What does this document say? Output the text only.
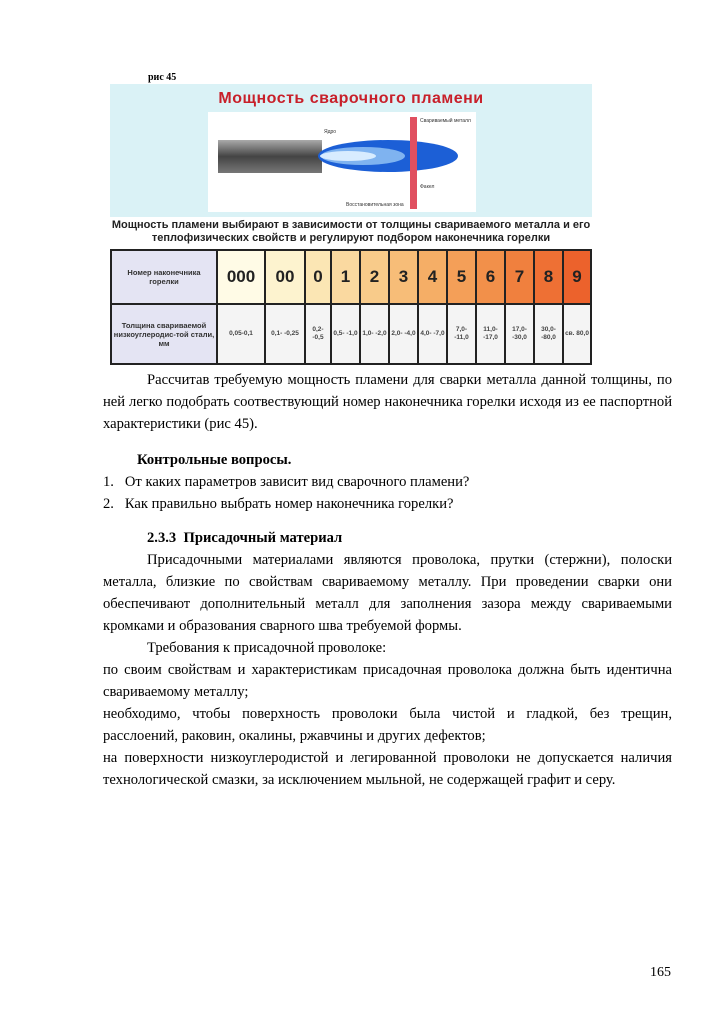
рис 45
Мощность сварочного пламени
Ядро
Свариваемый металл
Факел
Восстановительная зона
Мощность пламени выбирают в зависимости от толщины свариваемого металла и его теплофизических свойств и регулируют подбором наконечника горелки
Номер наконечника горелки	000	00	0	1	2	3	4	5	6	7	8	9
Толщина свариваемой низкоуглеродис-той стали, мм	0,05-0,1	0,1- -0,25	0,2- -0,5	0,5- -1,0	1,0- -2,0	2,0- -4,0	4,0- -7,0	7,0- -11,0	11,0- -17,0	17,0- -30,0	30,0- -80,0	св. 80,0
Рассчитав требуемую мощность пламени для сварки металла данной толщины, по ней легко подобрать соотвествующий номер наконечника горелки исходя из ее паспортной характеристики (рис 45).
Контрольные вопросы.
1.   От каких параметров зависит вид сварочного пламени?
2.   Как правильно выбрать номер наконечника горелки?
2.3.3  Присадочный материал
Присадочными материалами являются проволока, прутки (стержни), полоски металла, близкие по свойствам свариваемому металлу. При проведении сварки они обеспечивают дополнительный металл для заполнения зазора между свариваемыми кромками и образования сварного шва требуемой формы.
Требования к присадочной проволоке:
по своим свойствам и характеристикам присадочная проволока должна быть идентична свариваемому металлу;
необходимо, чтобы поверхность проволоки была чистой и гладкой, без трещин, расслоений, раковин, окалины, ржавчины и других дефектов;
на поверхности низкоуглеродистой и легированной проволоки не допускается наличия технологической смазки, за исключением мыльной, не содержащей графит и серу.
165
